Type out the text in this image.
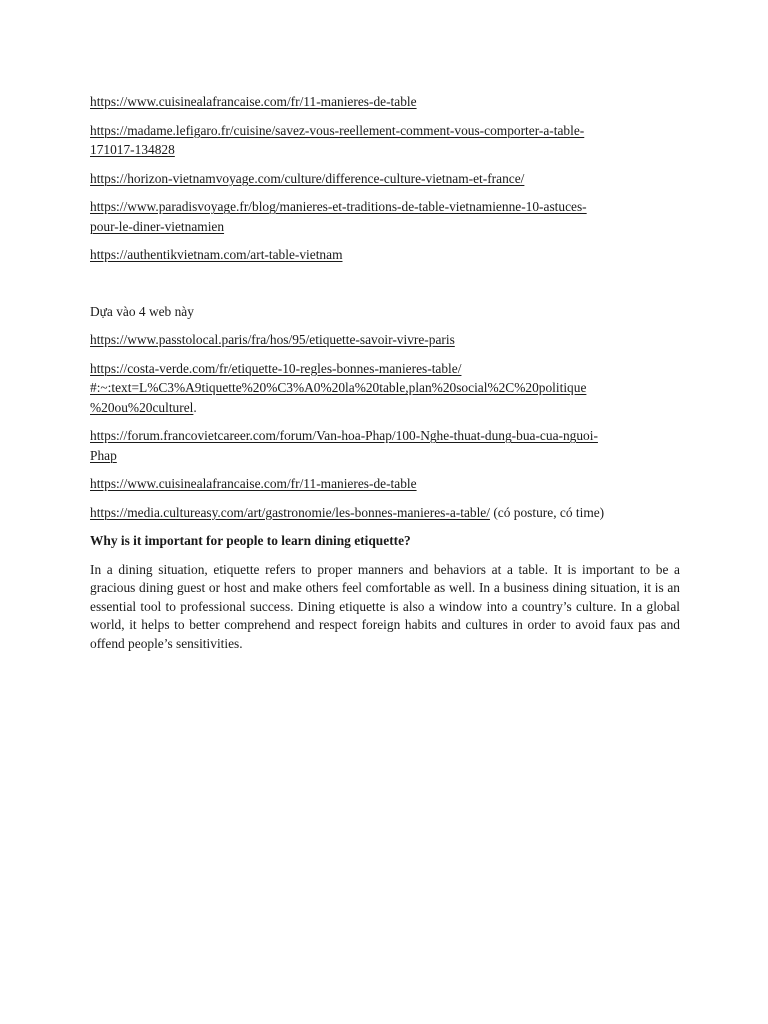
https://www.cuisinealafrancaise.com/fr/11-manieres-de-table

https://madame.lefigaro.fr/cuisine/savez-vous-reellement-comment-vous-comporter-a-table-
171017-134828

https://horizon-vietnamvoyage.com/culture/difference-culture-vietnam-et-france/

https://www.paradisvoyage.fr/blog/manieres-et-traditions-de-table-vietnamienne-10-astuces-
pour-le-diner-vietnamien

https://authentikvietnam.com/art-table-vietnam

Dựa vào 4 web này

https://www.passtolocal.paris/fra/hos/95/etiquette-savoir-vivre-paris

https://costa-verde.com/fr/etiquette-10-regles-bonnes-manieres-table/
#:~:text=L%C3%A9tiquette%20%C3%A0%20la%20table,plan%20social%2C%20politique
%20ou%20culturel.

https://forum.francovietcareer.com/forum/Van-hoa-Phap/100-Nghe-thuat-dung-bua-cua-nguoi-
Phap

https://www.cuisinealafrancaise.com/fr/11-manieres-de-table

https://media.cultureasy.com/art/gastronomie/les-bonnes-manieres-a-table/ (có posture, có time)

Why is it important for people to learn dining etiquette?

In a dining situation, etiquette refers to proper manners and behaviors at a table. It is important to be a gracious dining guest or host and make others feel comfortable as well. In a business dining situation, it is an essential tool to professional success. Dining etiquette is also a window into a country’s culture. In a global world, it helps to better comprehend and respect foreign habits and cultures in order to avoid faux pas and offend people’s sensitivities.
